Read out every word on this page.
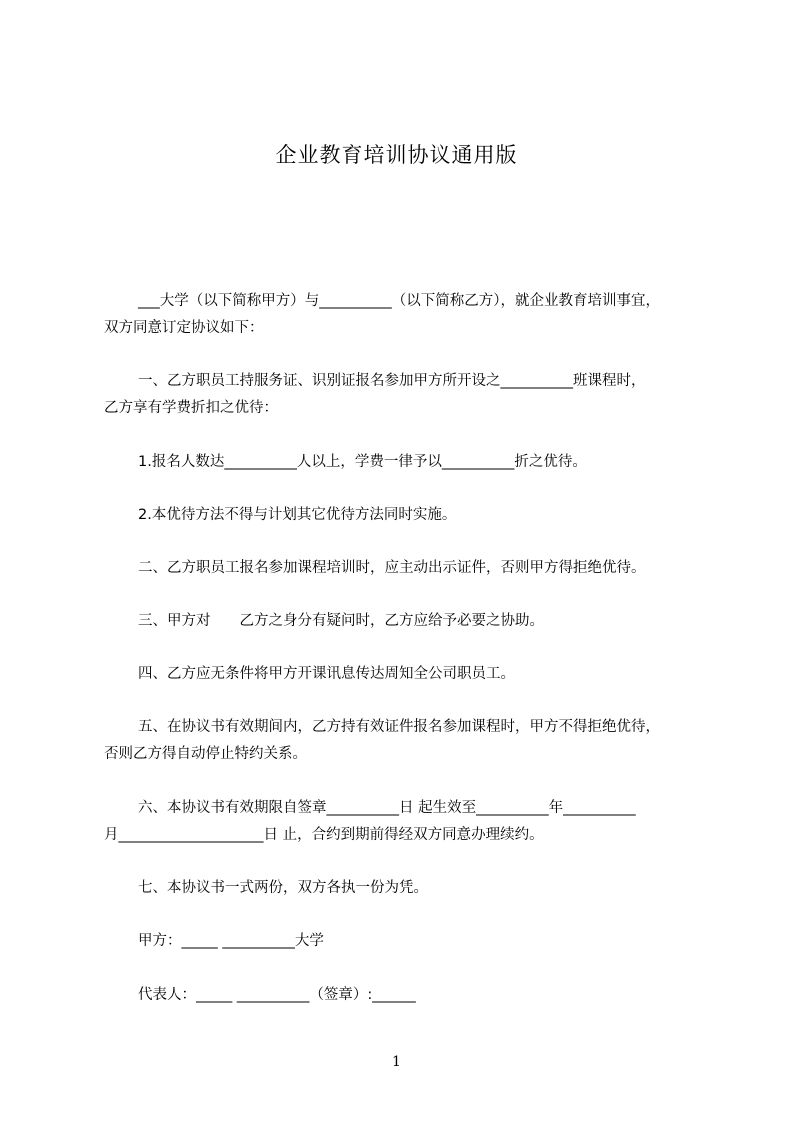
企业教育培训协议通用版
___大学（以下简称甲方）与__________（以下简称乙方），就企业教育培训事宜，
双方同意订定协议如下：
一、乙方职员工持服务证、识别证报名参加甲方所开设之__________班课程时，
乙方享有学费折扣之优待：
1.报名人数达__________人以上，学费一律予以__________折之优待。
2.本优待方法不得与计划其它优待方法同时实施。
二、乙方职员工报名参加课程培训时，应主动出示证件，否则甲方得拒绝优待。
三、甲方对　　乙方之身分有疑问时，乙方应给予必要之协助。
四、乙方应无条件将甲方开课讯息传达周知全公司职员工。
五、在协议书有效期间内，乙方持有效证件报名参加课程时，甲方不得拒绝优待，
否则乙方得自动停止特约关系。
六、本协议书有效期限自签章__________日 起生效至__________年__________
月____________________日 止，合约到期前得经双方同意办理续约。
七、本协议书一式两份，双方各执一份为凭。
甲方：_____ __________大学
代表人：_____ __________（签章）:______
1
